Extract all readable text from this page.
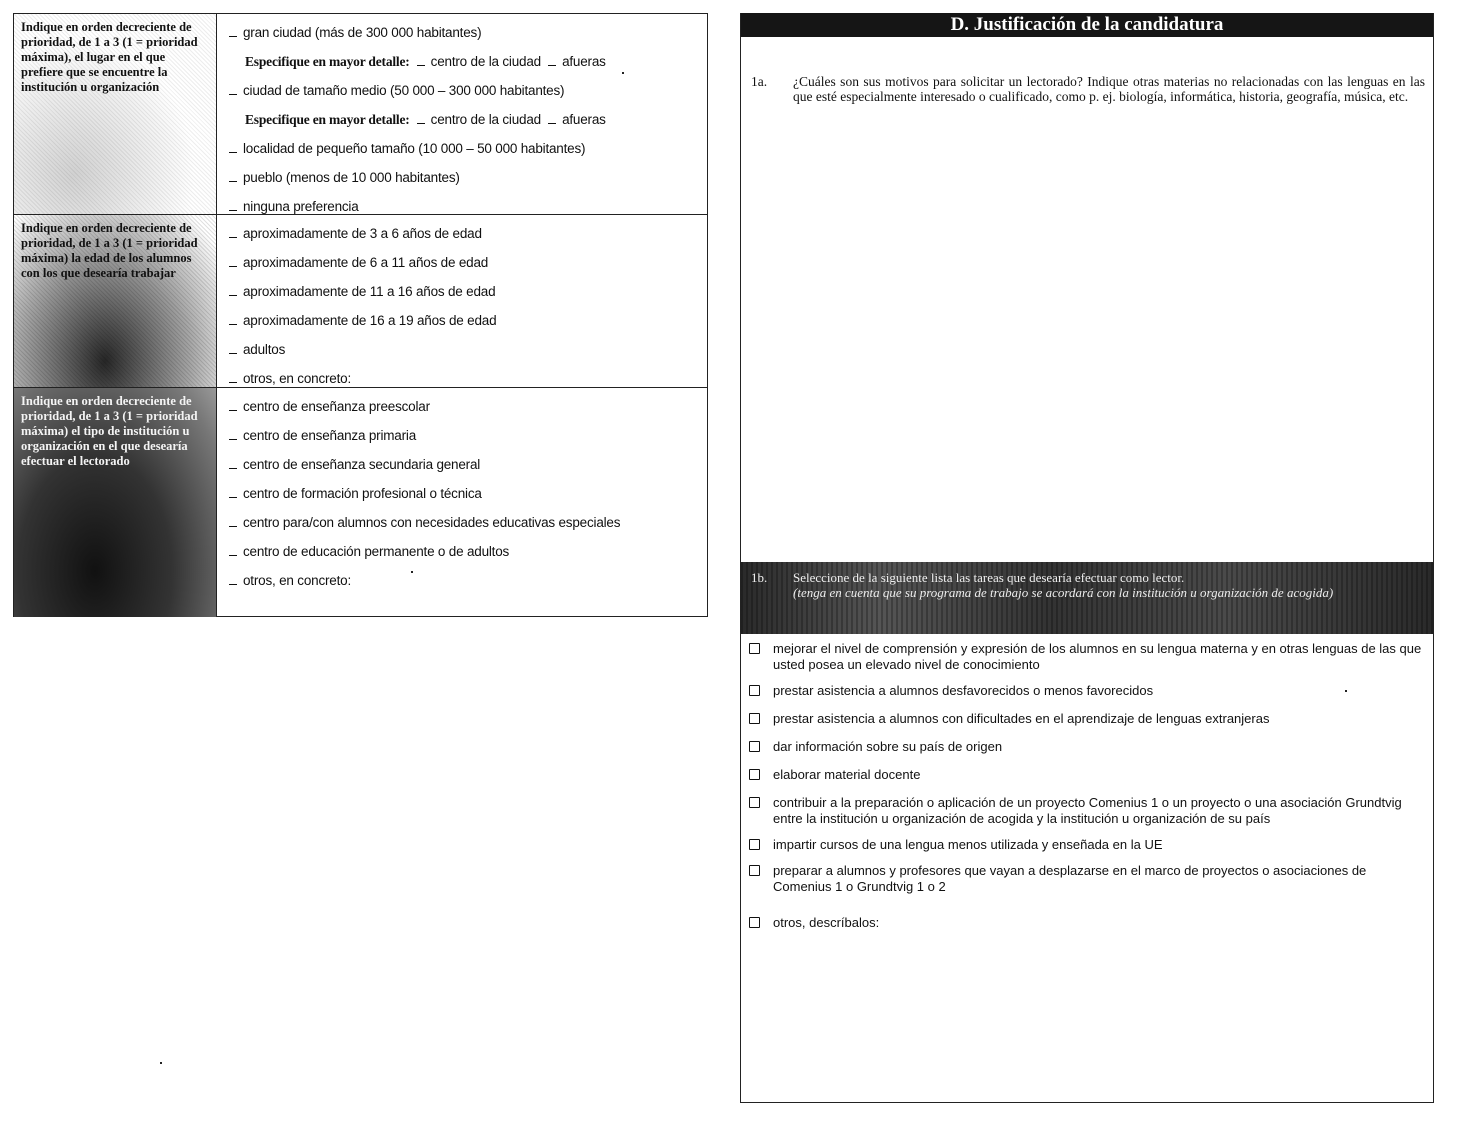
Indique en orden decreciente de prioridad, de 1 a 3 (1 = prioridad máxima), el lugar en el que prefiere que se encuentre la institución u organización
gran ciudad (más de 300 000 habitantes)
Especifique en mayor detalle: centro de la ciudad afueras
ciudad de tamaño medio (50 000 – 300 000 habitantes)
Especifique en mayor detalle: centro de la ciudad afueras
localidad de pequeño tamaño (10 000 – 50 000 habitantes)
pueblo (menos de 10 000 habitantes)
ninguna preferencia
Indique en orden decreciente de prioridad, de 1 a 3 (1 = prioridad máxima) la edad de los alumnos con los que desearía trabajar
aproximadamente de 3 a 6 años de edad
aproximadamente de 6 a 11 años de edad
aproximadamente de 11 a 16 años de edad
aproximadamente de 16 a 19 años de edad
adultos
otros, en concreto:
Indique en orden decreciente de prioridad, de 1 a 3 (1 = prioridad máxima) el tipo de institución u organización en el que desearía efectuar el lectorado
centro de enseñanza preescolar
centro de enseñanza primaria
centro de enseñanza secundaria general
centro de formación profesional o técnica
centro para/con alumnos con necesidades educativas especiales
centro de educación permanente o de adultos
otros, en concreto:
D. Justificación de la candidatura
1a. ¿Cuáles son sus motivos para solicitar un lectorado? Indique otras materias no relacionadas con las lenguas en las que esté especialmente interesado o cualificado, como p. ej. biología, informática, historia, geografía, música, etc.
1b. Seleccione de la siguiente lista las tareas que desearía efectuar como lector.
(tenga en cuenta que su programa de trabajo se acordará con la institución u organización de acogida)
mejorar el nivel de comprensión y expresión de los alumnos en su lengua materna y en otras lenguas de las que usted posea un elevado nivel de conocimiento
prestar asistencia a alumnos desfavorecidos o menos favorecidos
prestar asistencia a alumnos con dificultades en el aprendizaje de lenguas extranjeras
dar información sobre su país de origen
elaborar material docente
contribuir a la preparación o aplicación de un proyecto Comenius 1 o un proyecto o una asociación Grundtvig entre la institución u organización de acogida y la institución u organización de su país
impartir cursos de una lengua menos utilizada y enseñada en la UE
preparar a alumnos y profesores que vayan a desplazarse en el marco de proyectos o asociaciones de Comenius 1 o Grundtvig 1 o 2
otros, descríbalos:
